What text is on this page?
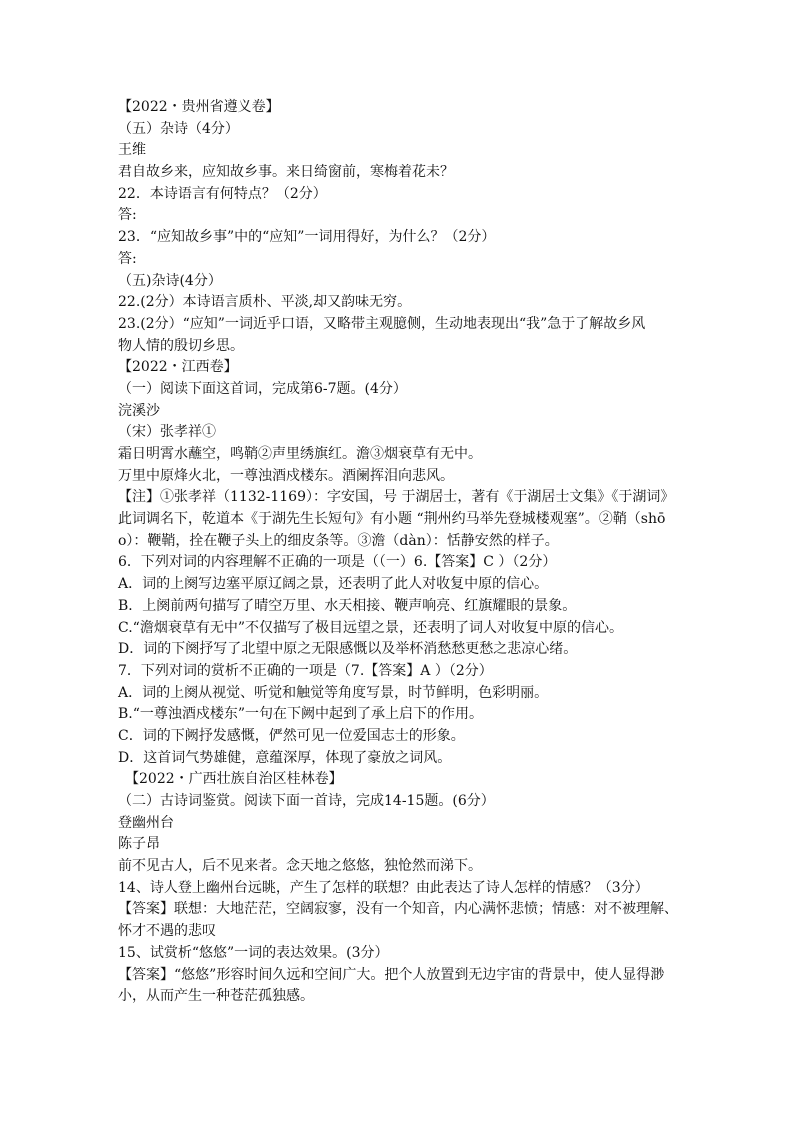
【2022・贵州省遵义卷】
（五）杂诗（4分）
王维
君自故乡来，应知故乡事。来日绮窗前，寒梅着花未？
22．本诗语言有何特点？（2分）
答:
23．“应知故乡事”中的“应知”一词用得好，为什么？（2分）
答:
（五)杂诗(4分）
22.(2分）本诗语言质朴、平淡,却又韵味无穷。
23.(2分）“应知”一词近乎口语，又略带主观臆侧，生动地表现出“我”急于了解故乡风
物人情的殷切乡思。
【2022・江西卷】
（一）阅读下面这首词，完成第6-7题。(4分）
浣溪沙
（宋）张孝祥①
霜日明霄水蘸空，鸣鞘②声里绣旗红。澹③烟衰草有无中。
万里中原烽火北，一尊浊酒戍楼东。酒阑挥泪向悲风。
【注】①张孝祥（1132-1169）：字安国，号 于湖居士，著有《于湖居士文集》《于湖词》
此词调名下，乾道本《于湖先生长短句》有小题 “荆州约马举先登城楼观塞”。②鞘（shō
o）：鞭鞘，拴在鞭子头上的细皮条等。③澹（dàn）：恬静安然的样子。
6．下列对词的内容理解不正确的一项是（（一）6.【答案】C ）（2分）
A．词的上阕写边塞平原辽阔之景，还表明了此人对收复中原的信心。
B．上阕前两句描写了晴空万里、水天相接、鞭声响亮、红旗耀眼的景象。
C.“澹烟衰草有无中”不仅描写了极目远望之景，还表明了词人对收复中原的信心。
D．词的下阕抒写了北望中原之无限感慨以及举杯消愁愁更愁之悲凉心绪。
7．下列对词的赏析不正确的一项是（7.【答案】A ）（2分）
A．词的上阕从视觉、听觉和触觉等角度写景，时节鲜明，色彩明丽。
B.“一尊浊酒戍楼东”一句在下阙中起到了承上启下的作用。
C．词的下阙抒发感慨，俨然可见一位爱国志士的形象。
D．这首词气势雄健，意蕴深厚，体现了豪放之词风。
【2022・广西壮族自治区桂林卷】
（二）古诗词鉴赏。阅读下面一首诗，完成14-15题。(6分）
登幽州台
陈子昂
前不见古人，后不见来者。念天地之悠悠，独怆然而涕下。
14、诗人登上幽州台远眺，产生了怎样的联想？由此表达了诗人怎样的情感？（3分）
【答案】联想：大地茫茫，空阔寂寥，没有一个知音，内心满怀悲愤；情感：对不被理解、
怀才不遇的悲叹
15、试赏析“悠悠”一词的表达效果。(3分）
【答案】“悠悠”形容时间久远和空间广大。把个人放置到无边宇宙的背景中，使人显得渺
小，从而产生一种苍茫孤独感。
